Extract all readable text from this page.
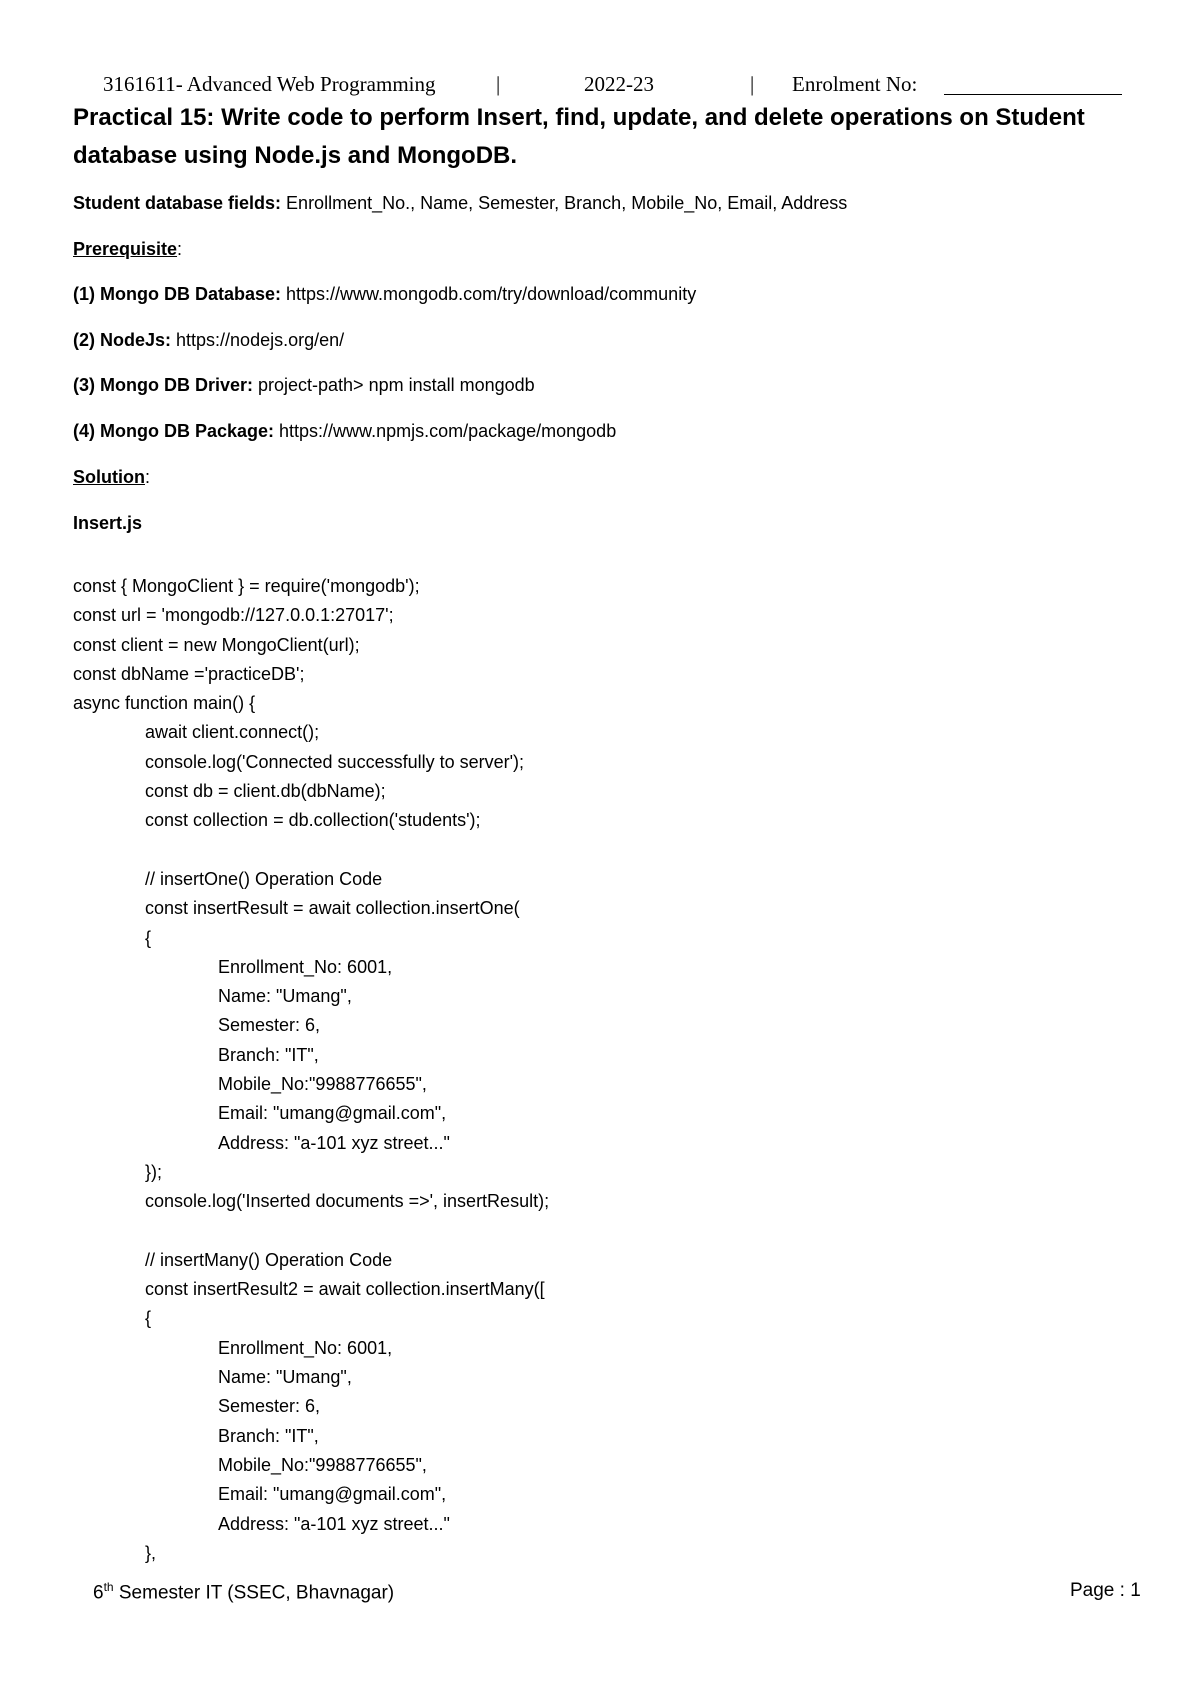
3161611- Advanced Web Programming	|	2022-23	| Enrolment No:
Practical 15: Write code to perform Insert, find, update, and delete operations on Student database using Node.js and MongoDB.
Student database fields: Enrollment_No., Name, Semester, Branch, Mobile_No, Email, Address
Prerequisite:
(1) Mongo DB Database: https://www.mongodb.com/try/download/community
(2) NodeJs: https://nodejs.org/en/
(3) Mongo DB Driver: project-path> npm install mongodb
(4) Mongo DB Package: https://www.npmjs.com/package/mongodb
Solution:
Insert.js
const { MongoClient } = require('mongodb');
const url = 'mongodb://127.0.0.1:27017';
const client = new MongoClient(url);
const dbName ='practiceDB';
async function main() {
await client.connect();
console.log('Connected successfully to server');
const db = client.db(dbName);
const collection = db.collection('students');
// insertOne() Operation Code
const insertResult = await collection.insertOne(
{
Enrollment_No: 6001,
Name: "Umang",
Semester: 6,
Branch: "IT",
Mobile_No:"9988776655",
Email: "umang@gmail.com",
Address: "a-101 xyz street..."
});
console.log('Inserted documents =>', insertResult);
// insertMany() Operation Code
const insertResult2 = await collection.insertMany([
{
Enrollment_No: 6001,
Name: "Umang",
Semester: 6,
Branch: "IT",
Mobile_No:"9988776655",
Email: "umang@gmail.com",
Address: "a-101 xyz street..."
},
6th Semester IT (SSEC, Bhavnagar)	Page : 1
